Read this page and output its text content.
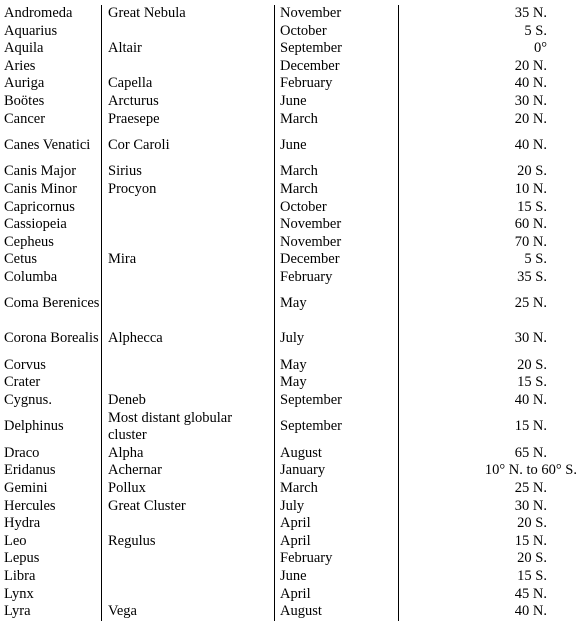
Andromeda	Great Nebula	November	35 N.
Aquarius		October	5 S.
Aquila	Altair	September	0°
Aries		December	20 N.
Auriga	Capella	February	40 N.
Boötes	Arcturus	June	30 N.
Cancer	Praesepe	March	20 N.
Canes Venatici	Cor Caroli	June	40 N.
Canis Major	Sirius	March	20 S.
Canis Minor	Procyon	March	10 N.
Capricornus		October	15 S.
Cassiopeia		November	60 N.
Cepheus		November	70 N.
Cetus	Mira	December	5 S.
Columba		February	35 S.
Coma Berenices		May	25 N.
Corona Borealis	Alphecca	July	30 N.
Corvus		May	20 S.
Crater		May	15 S.
Cygnus.	Deneb	September	40 N.
Delphinus	Most distant globular cluster	September	15 N.
Draco	Alpha	August	65 N.
Eridanus	Achernar	January	10° N. to 60° S.
Gemini	Pollux	March	25 N.
Hercules	Great Cluster	July	30 N.
Hydra		April	20 S.
Leo	Regulus	April	15 N.
Lepus		February	20 S.
Libra		June	15 S.
Lynx		April	45 N.
Lyra	Vega	August	40 N.
